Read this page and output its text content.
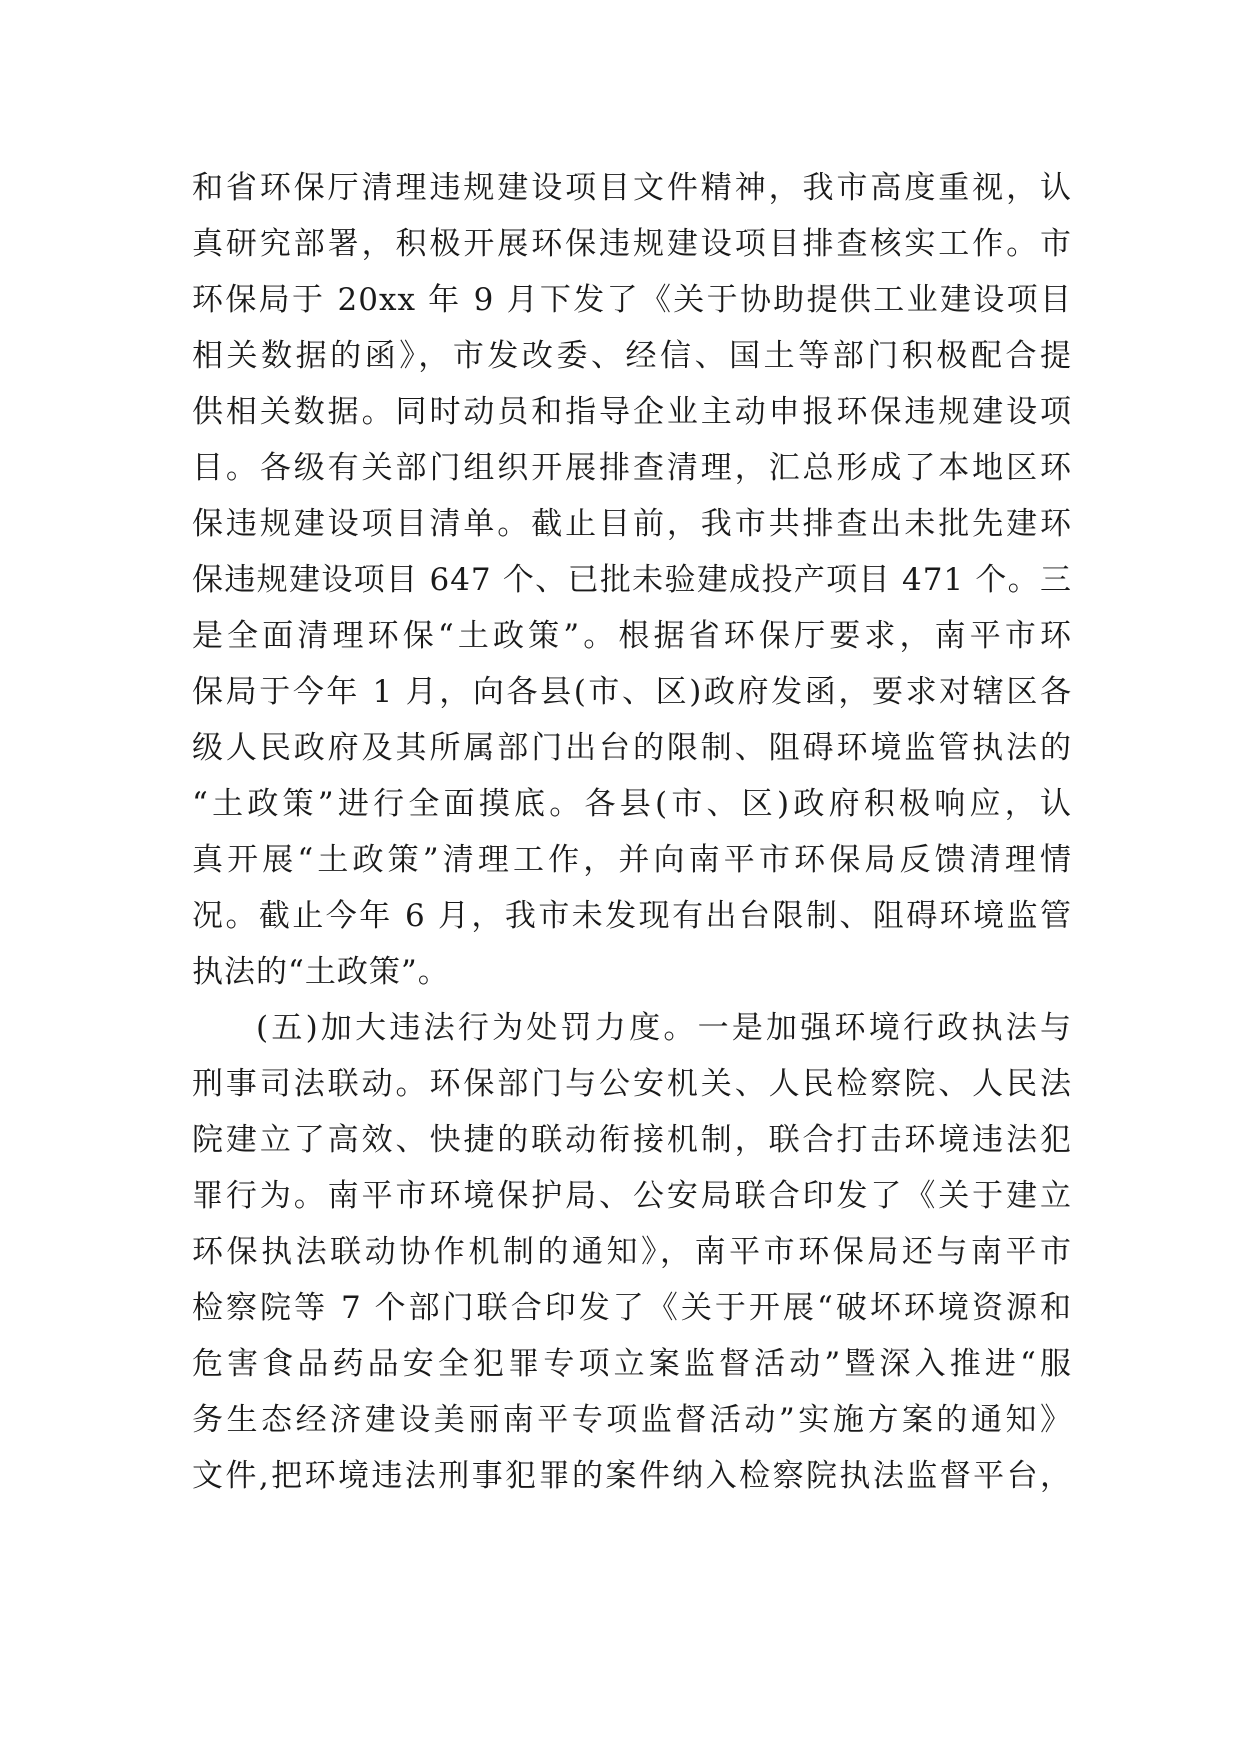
和省环保厅清理违规建设项目文件精神，我市高度重视，认
真研究部署，积极开展环保违规建设项目排查核实工作。市
环保局于 20xx 年 9 月下发了《关于协助提供工业建设项目
相关数据的函》，市发改委、经信、国土等部门积极配合提
供相关数据。同时动员和指导企业主动申报环保违规建设项
目。各级有关部门组织开展排查清理，汇总形成了本地区环
保违规建设项目清单。截止目前，我市共排查出未批先建环
保违规建设项目 647 个、已批未验建成投产项目 471 个。三
是全面清理环保“土政策”。根据省环保厅要求，南平市环
保局于今年 1 月，向各县(市、区)政府发函，要求对辖区各
级人民政府及其所属部门出台的限制、阻碍环境监管执法的
“土政策”进行全面摸底。各县(市、区)政府积极响应，认
真开展“土政策”清理工作，并向南平市环保局反馈清理情
况。截止今年 6 月，我市未发现有出台限制、阻碍环境监管
执法的“土政策”。
(五)加大违法行为处罚力度。一是加强环境行政执法与
刑事司法联动。环保部门与公安机关、人民检察院、人民法
院建立了高效、快捷的联动衔接机制，联合打击环境违法犯
罪行为。南平市环境保护局、公安局联合印发了《关于建立
环保执法联动协作机制的通知》，南平市环保局还与南平市
检察院等 7 个部门联合印发了《关于开展“破坏环境资源和
危害食品药品安全犯罪专项立案监督活动”暨深入推进“服
务生态经济建设美丽南平专项监督活动”实施方案的通知》
文件,把环境违法刑事犯罪的案件纳入检察院执法监督平台，
